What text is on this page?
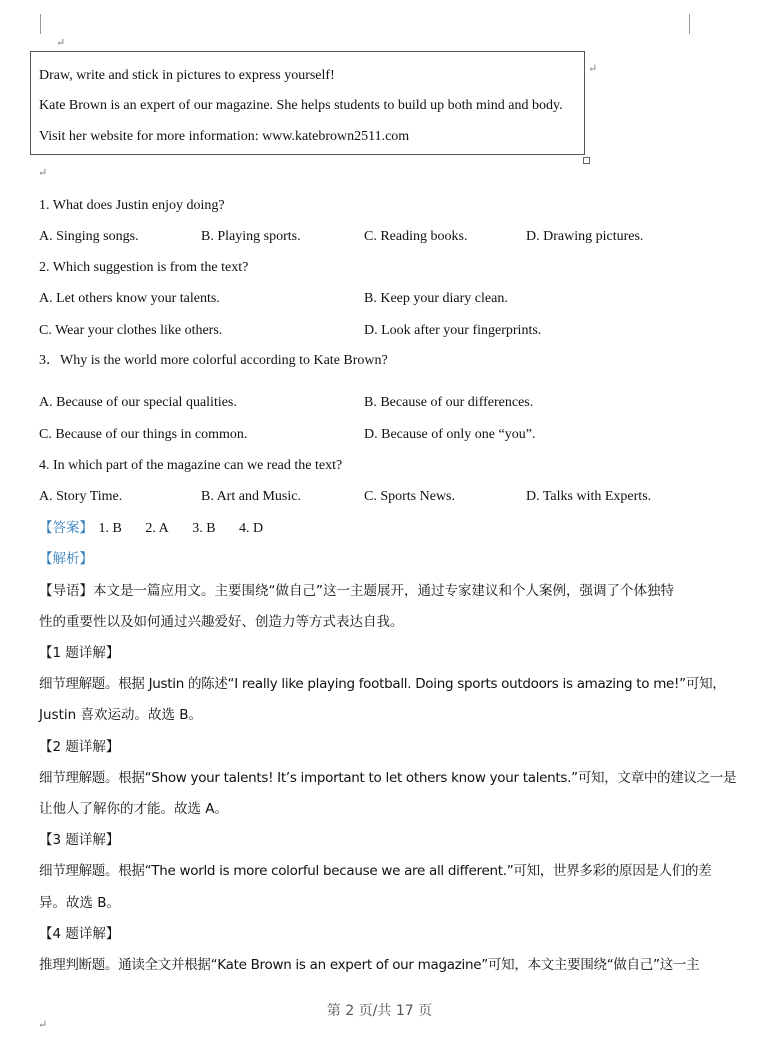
↵
Draw, write and stick in pictures to express yourself!
Kate Brown is an expert of our magazine. She helps students to build up both mind and body.
Visit her website for more information: www.katebrown2511.com
↵
↵
1. What does Justin enjoy doing?
A. Singing songs.	B. Playing sports.	C. Reading books.	D. Drawing pictures.
2. Which suggestion is from the text?
A. Let others know your talents.	B. Keep your diary clean.
C. Wear your clothes like others.	D. Look after your fingerprints.
3．Why is the world more colorful according to Kate Brown?
A. Because of our special qualities.	B. Because of our differences.
C. Because of our things in common.	D. Because of only one “you”.
4. In which part of the magazine can we read the text?
A. Story Time.	B. Art and Music.	C. Sports News.	D. Talks with Experts.
【答案】 1. B 2. A 3. B 4. D
【解析】
【导语】本文是一篇应用文。主要围绕“做自己”这一主题展开，通过专家建议和个人案例，强调了个体独特
性的重要性以及如何通过兴趣爱好、创造力等方式表达自我。
【1 题详解】
细节理解题。根据 Justin 的陈述“I really like playing football. Doing sports outdoors is amazing to me!”可知，
Justin 喜欢运动。故选 B。
【2 题详解】
细节理解题。根据“Show your talents! It’s important to let others know your talents.”可知，文章中的建议之一是
让他人了解你的才能。故选 A。
【3 题详解】
细节理解题。根据“The world is more colorful because we are all different.”可知，世界多彩的原因是人们的差
异。故选 B。
【4 题详解】
推理判断题。通读全文并根据“Kate Brown is an expert of our magazine”可知，本文主要围绕“做自己”这一主
第 2 页/共 17 页
↵
